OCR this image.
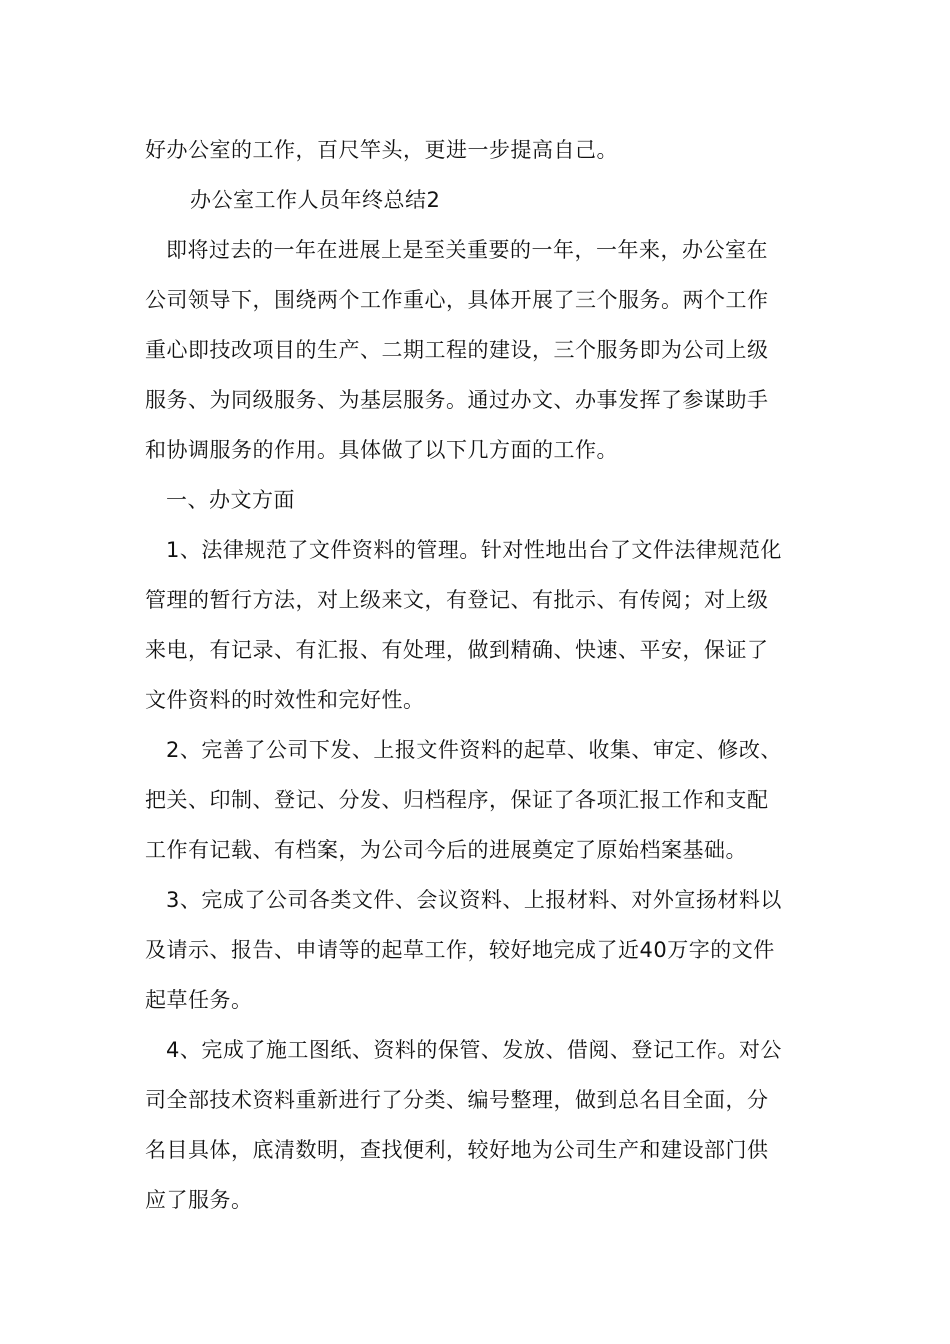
好办公室的工作，百尺竿头，更进一步提高自己。
办公室工作人员年终总结2
即将过去的一年在进展上是至关重要的一年，一年来，办公室在
公司领导下，围绕两个工作重心，具体开展了三个服务。两个工作
重心即技改项目的生产、二期工程的建设，三个服务即为公司上级
服务、为同级服务、为基层服务。通过办文、办事发挥了参谋助手
和协调服务的作用。具体做了以下几方面的工作。
一、办文方面
1、法律规范了文件资料的管理。针对性地出台了文件法律规范化
管理的暂行方法，对上级来文，有登记、有批示、有传阅；对上级
来电，有记录、有汇报、有处理，做到精确、快速、平安，保证了
文件资料的时效性和完好性。
2、完善了公司下发、上报文件资料的起草、收集、审定、修改、
把关、印制、登记、分发、归档程序，保证了各项汇报工作和支配
工作有记载、有档案，为公司今后的进展奠定了原始档案基础。
3、完成了公司各类文件、会议资料、上报材料、对外宣扬材料以
及请示、报告、申请等的起草工作，较好地完成了近40万字的文件
起草任务。
4、完成了施工图纸、资料的保管、发放、借阅、登记工作。对公
司全部技术资料重新进行了分类、编号整理，做到总名目全面，分
名目具体，底清数明，查找便利，较好地为公司生产和建设部门供
应了服务。
